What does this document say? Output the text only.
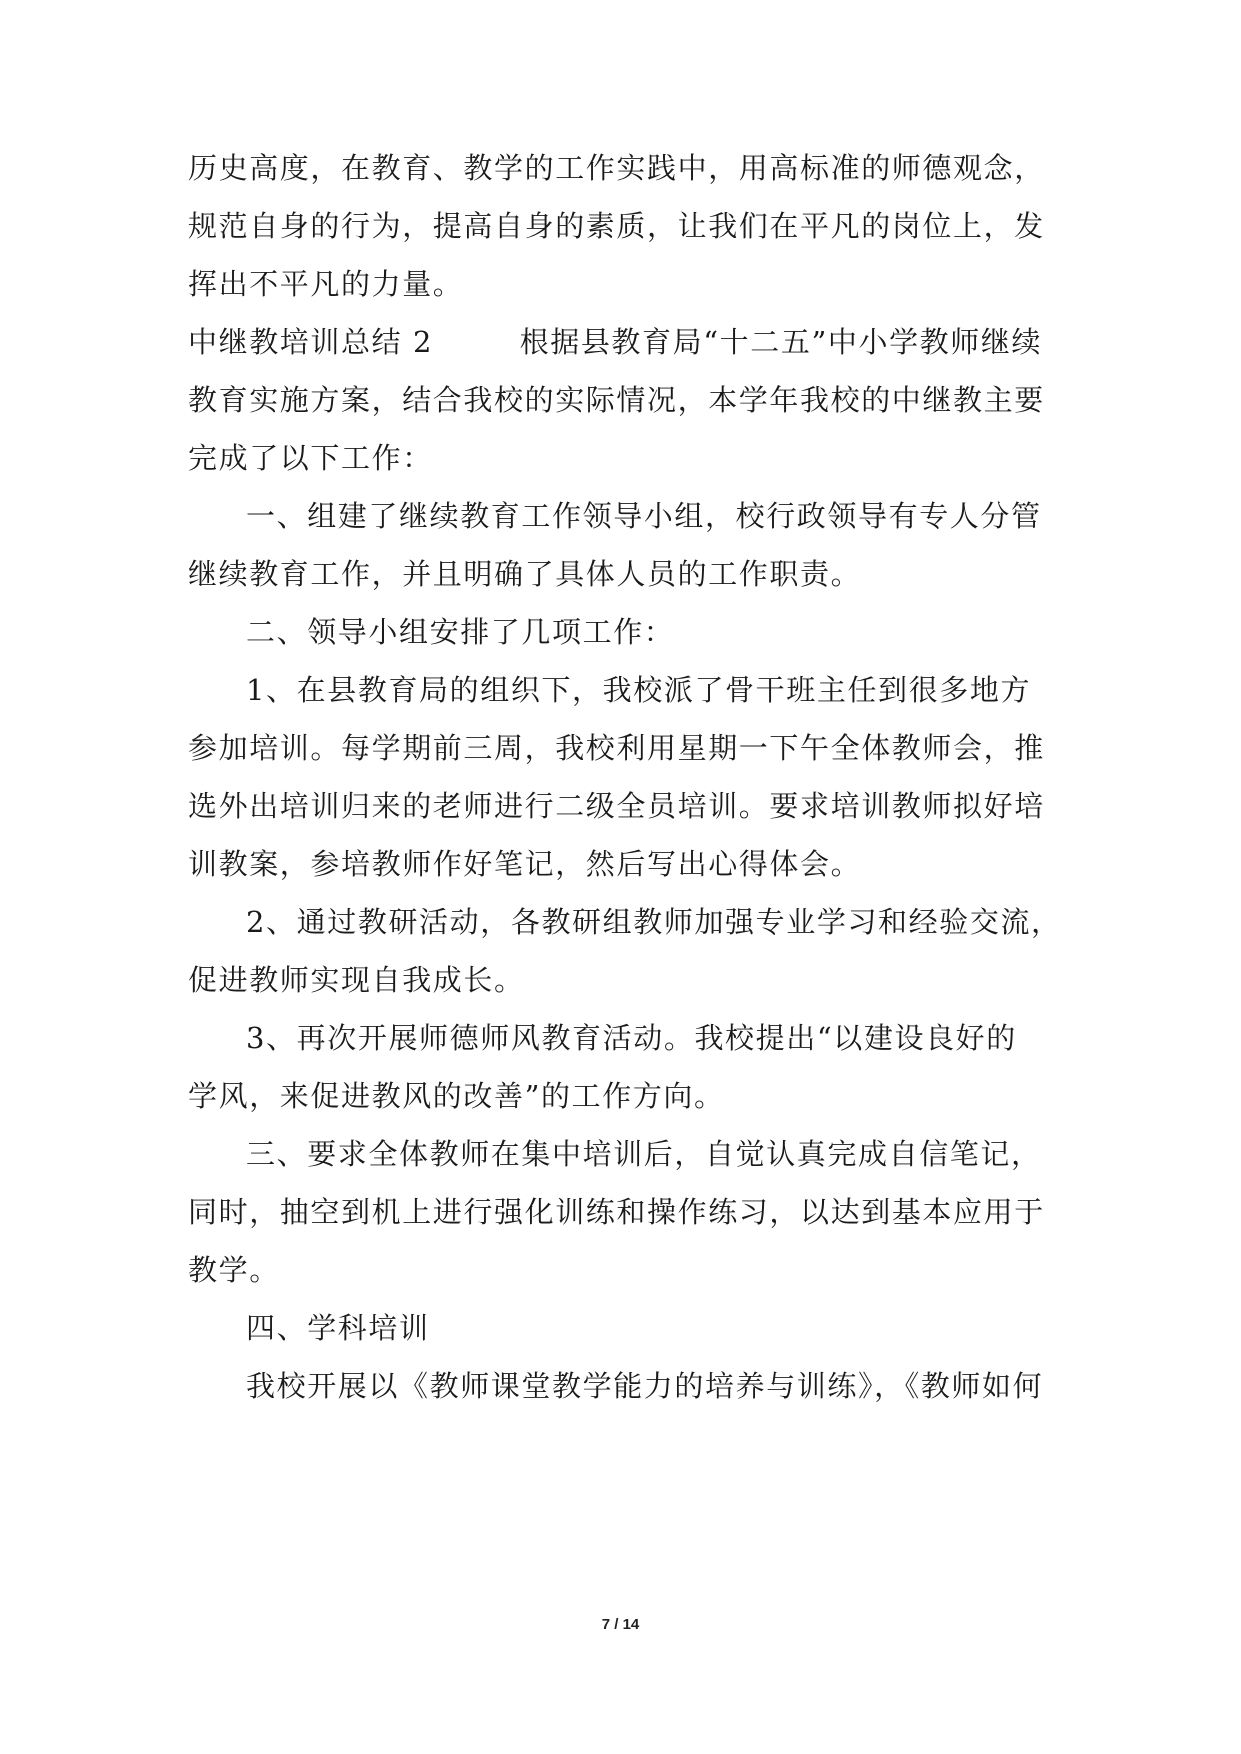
历史高度，在教育、教学的工作实践中，用高标准的师德观念，
规范自身的行为，提高自身的素质，让我们在平凡的岗位上，发
挥出不平凡的力量。
中继教培训总结 2        根据县教育局“十二五”中小学教师继续
教育实施方案，结合我校的实际情况，本学年我校的中继教主要
完成了以下工作：
一、组建了继续教育工作领导小组，校行政领导有专人分管
继续教育工作，并且明确了具体人员的工作职责。
二、领导小组安排了几项工作：
1、在县教育局的组织下，我校派了骨干班主任到很多地方
参加培训。每学期前三周，我校利用星期一下午全体教师会，推
选外出培训归来的老师进行二级全员培训。要求培训教师拟好培
训教案，参培教师作好笔记，然后写出心得体会。
2、通过教研活动，各教研组教师加强专业学习和经验交流，
促进教师实现自我成长。
3、再次开展师德师风教育活动。我校提出“以建设良好的
学风，来促进教风的改善”的工作方向。
三、要求全体教师在集中培训后，自觉认真完成自信笔记，
同时，抽空到机上进行强化训练和操作练习，以达到基本应用于
教学。
四、学科培训
我校开展以《教师课堂教学能力的培养与训练》，《教师如何
7 / 14
